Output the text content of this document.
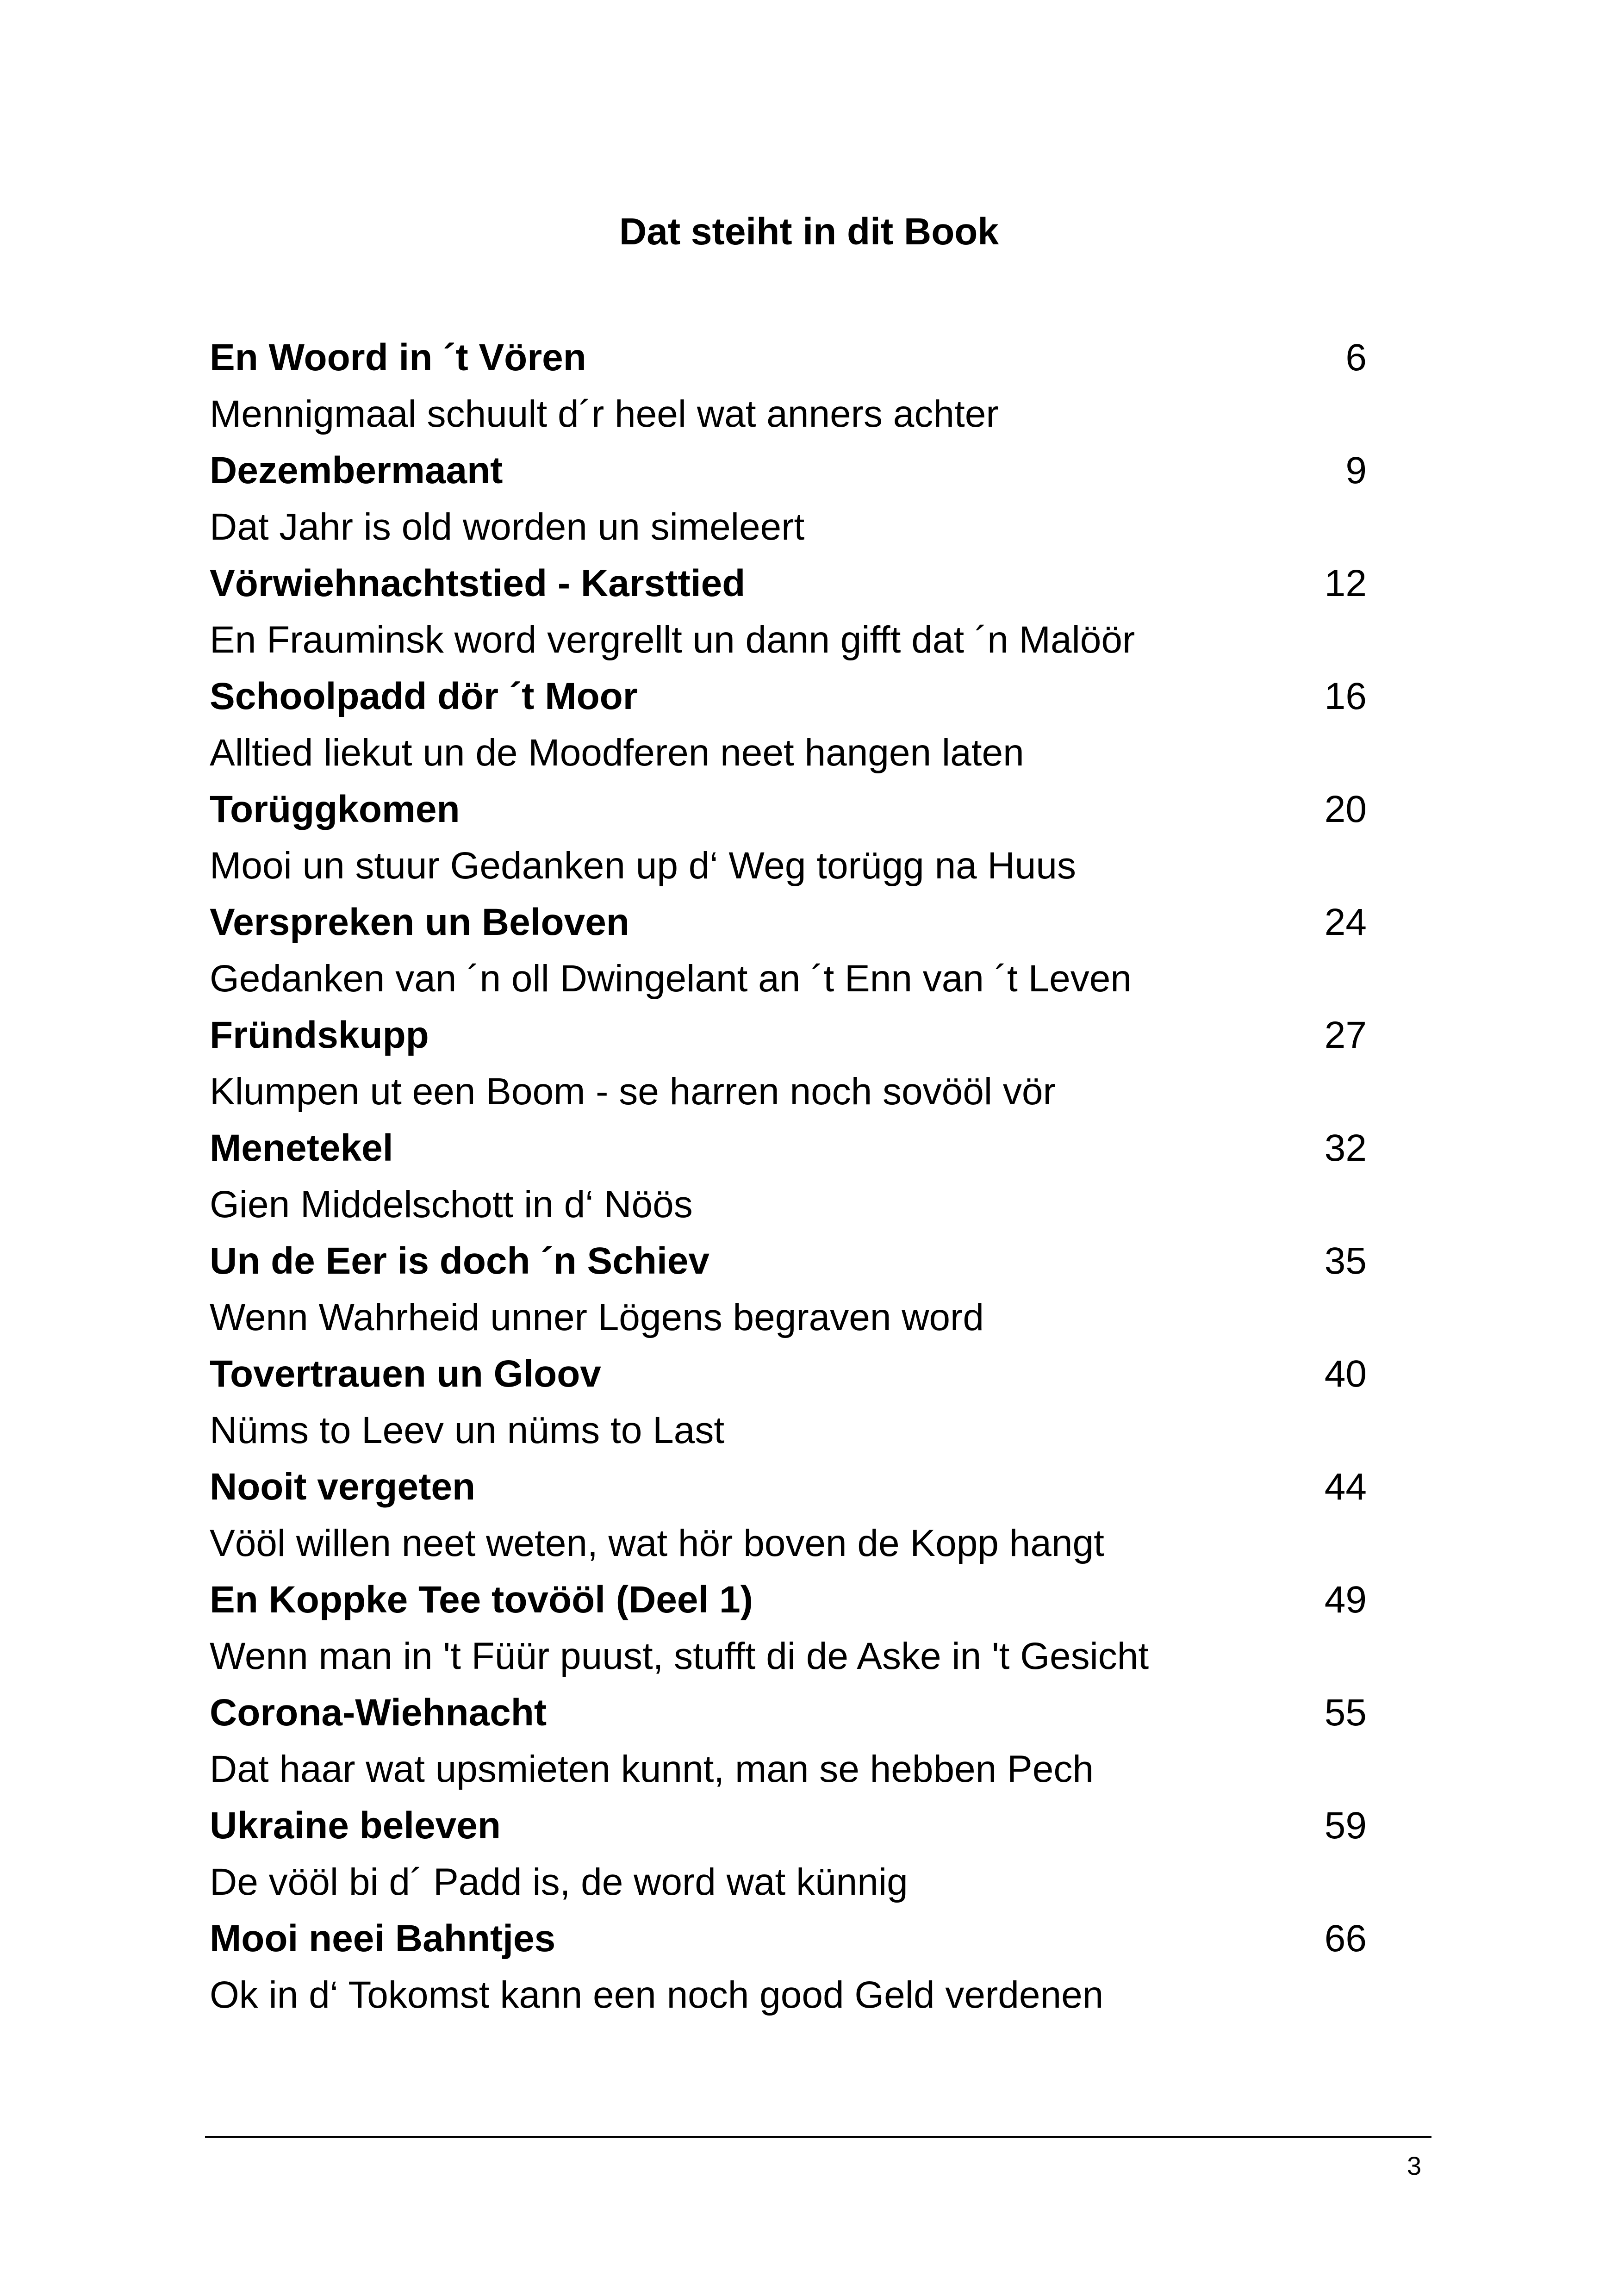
Dat steiht in dit Book
En Woord in ´t Vören	6
Mennigmaal schuult d´r heel wat anners achter
Dezembermaant	9
Dat Jahr is old worden un simeleert
Vörwiehnachtstied - Karsttied	12
En Frauminsk word vergrellt un dann gifft dat ´n Malöör
Schoolpadd dör ´t Moor	16
Alltied liekut un de Moodferen neet hangen laten
Torüggkomen	20
Mooi un stuur Gedanken up d‘ Weg torügg na Huus
Verspreken un Beloven	24
Gedanken van ´n oll Dwingelant an ´t Enn van ´t Leven
Fründskupp	27
Klumpen ut een Boom - se harren noch sovööl vör
Menetekel	32
Gien Middelschott in d‘ Nöös
Un de Eer is doch ´n Schiev	35
Wenn Wahrheid unner Lögens begraven word
Tovertrauen un Gloov	40
Nüms to Leev un nüms to Last
Nooit vergeten	44
Vööl willen neet weten, wat hör boven de Kopp hangt
En Koppke Tee tovööl (Deel 1)	49
Wenn man in 't Füür puust, stufft di de Aske in 't Gesicht
Corona-Wiehnacht	55
Dat haar wat upsmieten kunnt, man se hebben Pech
Ukraine beleven	59
De vööl bi d´ Padd is, de word wat künnig
Mooi neei Bahntjes	66
Ok in d‘ Tokomst kann een noch good Geld verdenen
3
